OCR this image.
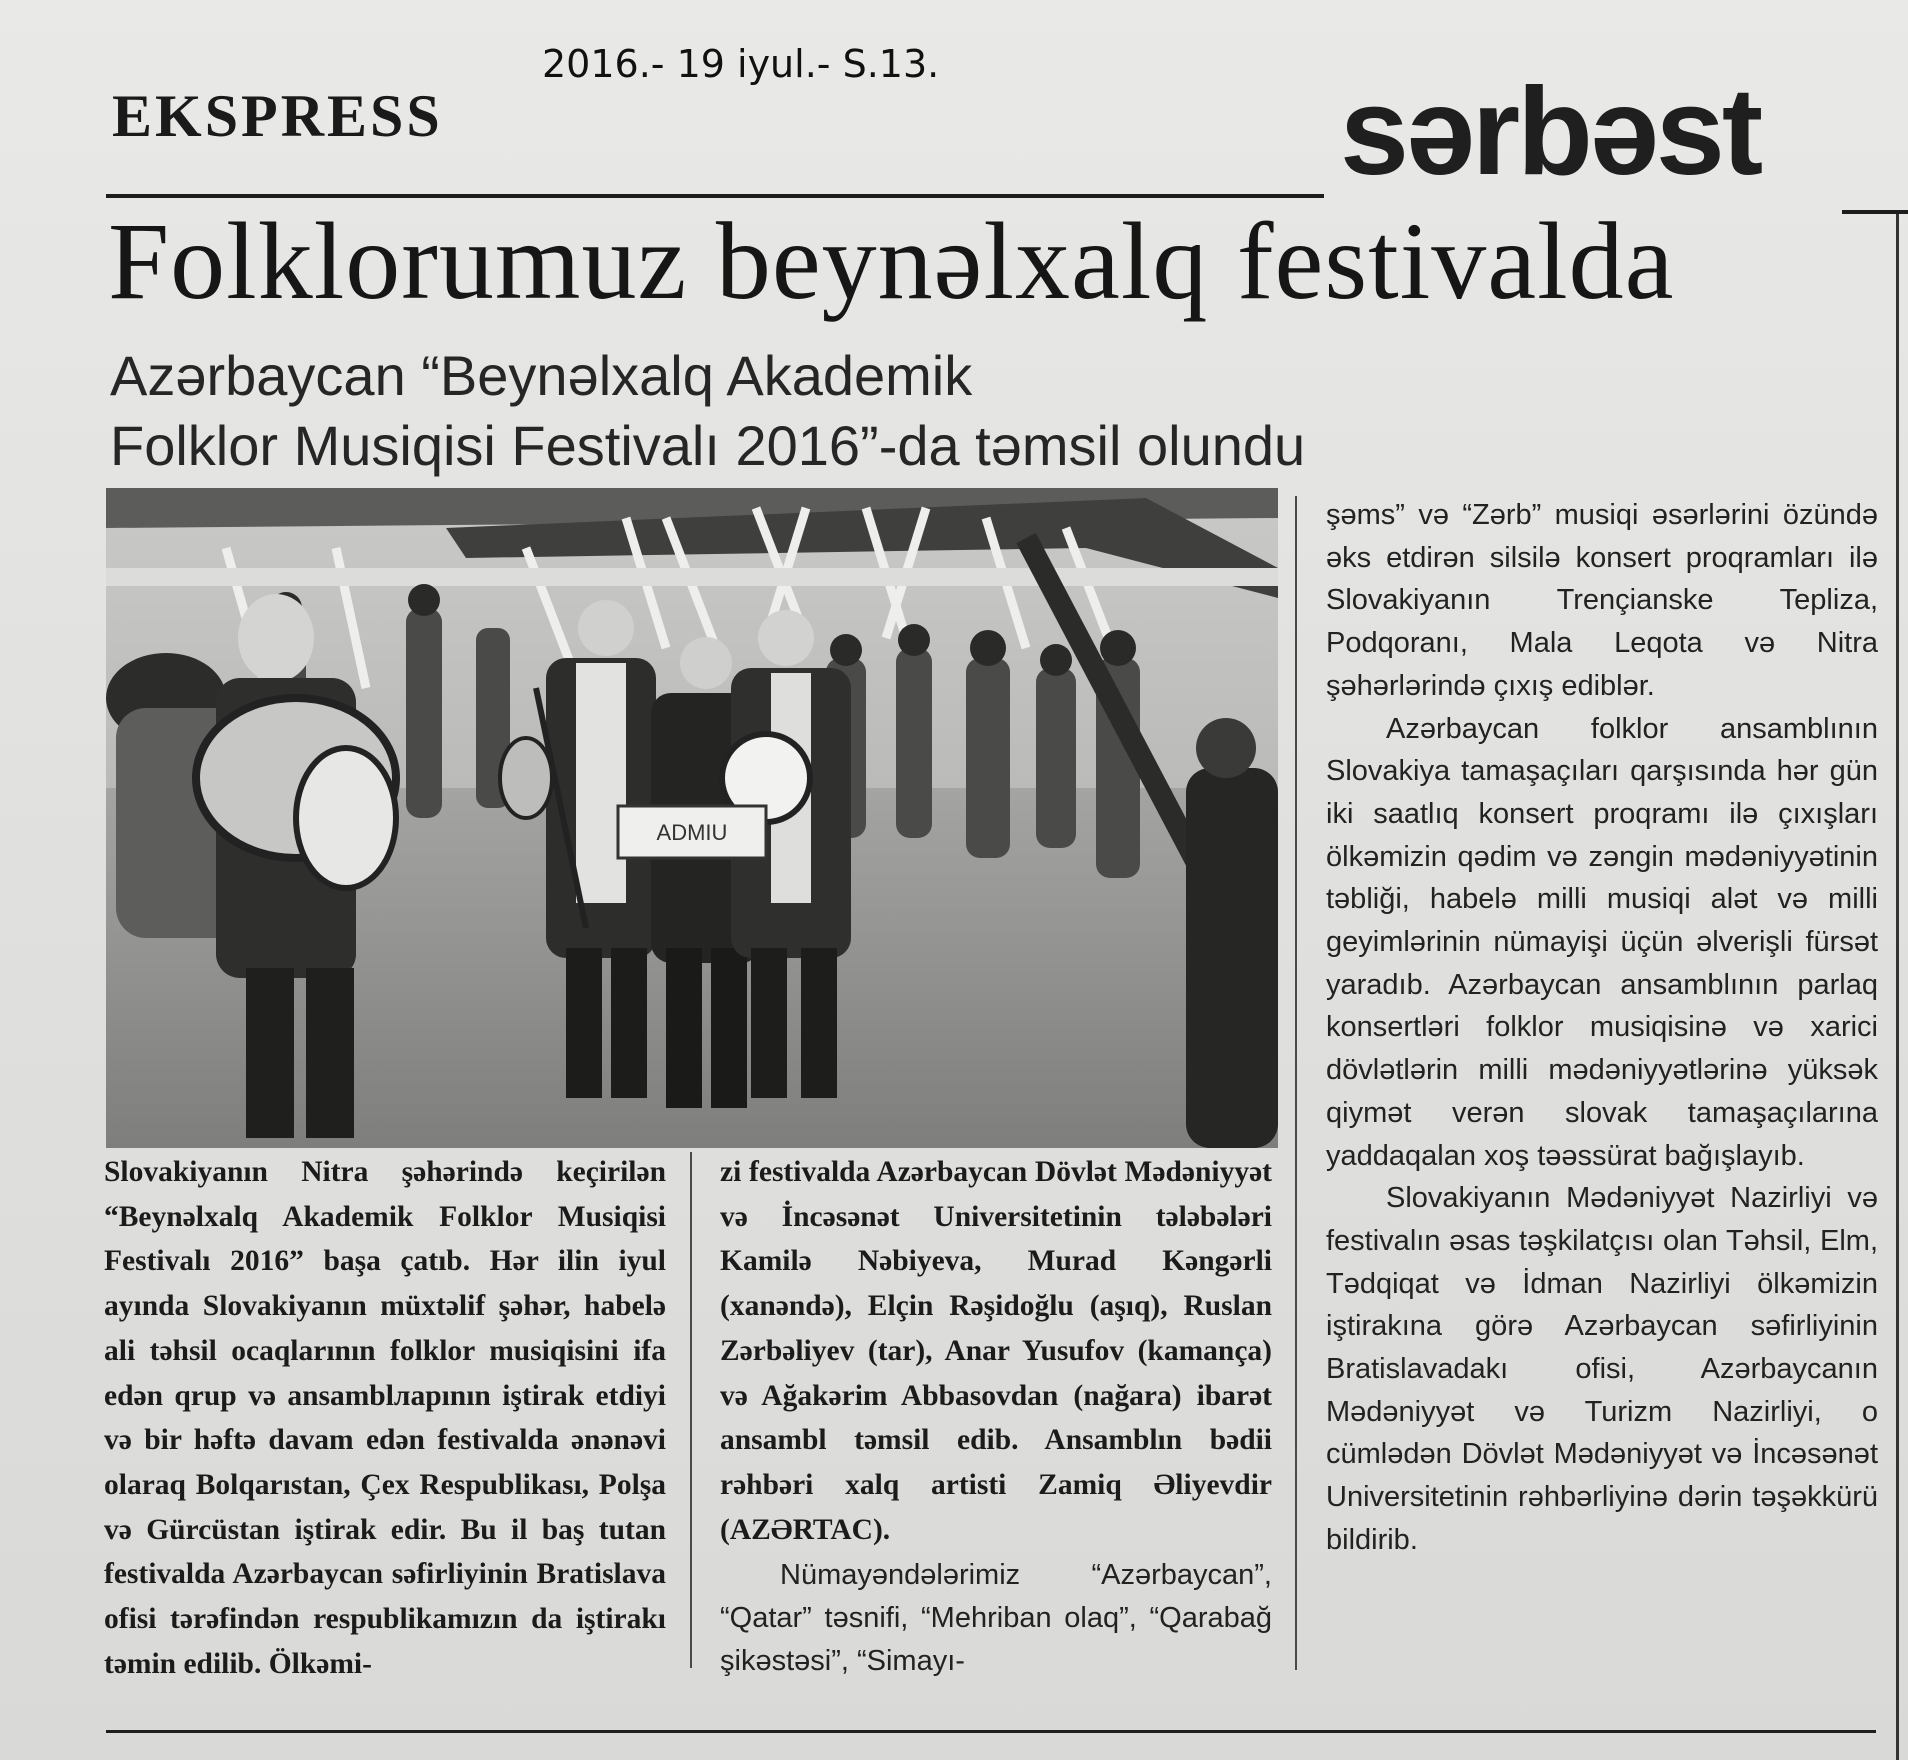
2016.- 19 iyul.- S.13.
EKSPRESS	sərbəst
Folklorumuz beynəlxalq festivalda
Azərbaycan “Beynəlxalq Akademik
Folklor Musiqisi Festivalı 2016”-da təmsil olundu
ADMIU

Slovakiyanın Nitra şəhərində keçirilən “Beynəlxalq Akademik Folklor Musiqisi Festivalı 2016” başa çatıb. Hər ilin iyul ayında Slovakiyanın müxtəlif şəhər, habelə ali təhsil ocaqlarının folklor musiqisini ifa edən qrup və ansamblларının iştirak etdiyi və bir həftə davam edən festivalda ənənəvi olaraq Bolqarıstan, Çex Respublikası, Polşa və Gürcüstan iştirak edir. Bu il baş tutan festivalda Azərbaycan səfirliyinin Bratislava ofisi tərəfindən respublikamızın da iştirakı təmin edilib. Ölkəmi-

zi festivalda Azərbaycan Dövlət Mədəniyyət və İncəsənət Universitetinin tələbələri Kamilə Nəbiyeva, Murad Kəngərli (xanəndə), Elçin Rəşidoğlu (aşıq), Ruslan Zərbəliyev (tar), Anar Yusufov (kamança) və Ağakərim Abbasovdan (nağara) ibarət ansambl təmsil edib. Ansamblın bədii rəhbəri xalq artisti Zamiq Əliyevdir (AZƏRTAC).

Nümayəndələrimiz “Azərbaycan”, “Qatar” təsnifi, “Mehriban olaq”, “Qarabağ şikəstəsi”, “Simayı-

şəms” və “Zərb” musiqi əsərlərini özündə əks etdirən silsilə konsert proqramları ilə Slovakiyanın Trençianske Tepliza, Podqoranı, Mala Leqota və Nitra şəhərlərində çıxış ediblər.

Azərbaycan folklor ansamblının Slovakiya tamaşaçıları qarşısında hər gün iki saatlıq konsert proqramı ilə çıxışları ölkəmizin qədim və zəngin mədəniyyətinin təbliği, habelə milli musiqi alət və milli geyimlərinin nümayişi üçün əlverişli fürsət yaradıb. Azərbaycan ansamblının parlaq konsertləri folklor musiqisinə və xarici dövlətlərin milli mədəniyyətlərinə yüksək qiymət verən slovak tamaşaçılarına yaddaqalan xoş təəssürat bağışlayıb.

Slovakiyanın Mədəniyyət Nazirliyi və festivalın əsas təşkilatçısı olan Təhsil, Elm, Tədqiqat və İdman Nazirliyi ölkəmizin iştirakına görə Azərbaycan səfirliyinin Bratislavadakı ofisi, Azərbaycanın Mədəniyyət və Turizm Nazirliyi, o cümlədən Dövlət Mədəniyyət və İncəsənət Universitetinin rəhbərliyinə dərin təşəkkürü bildirib.
